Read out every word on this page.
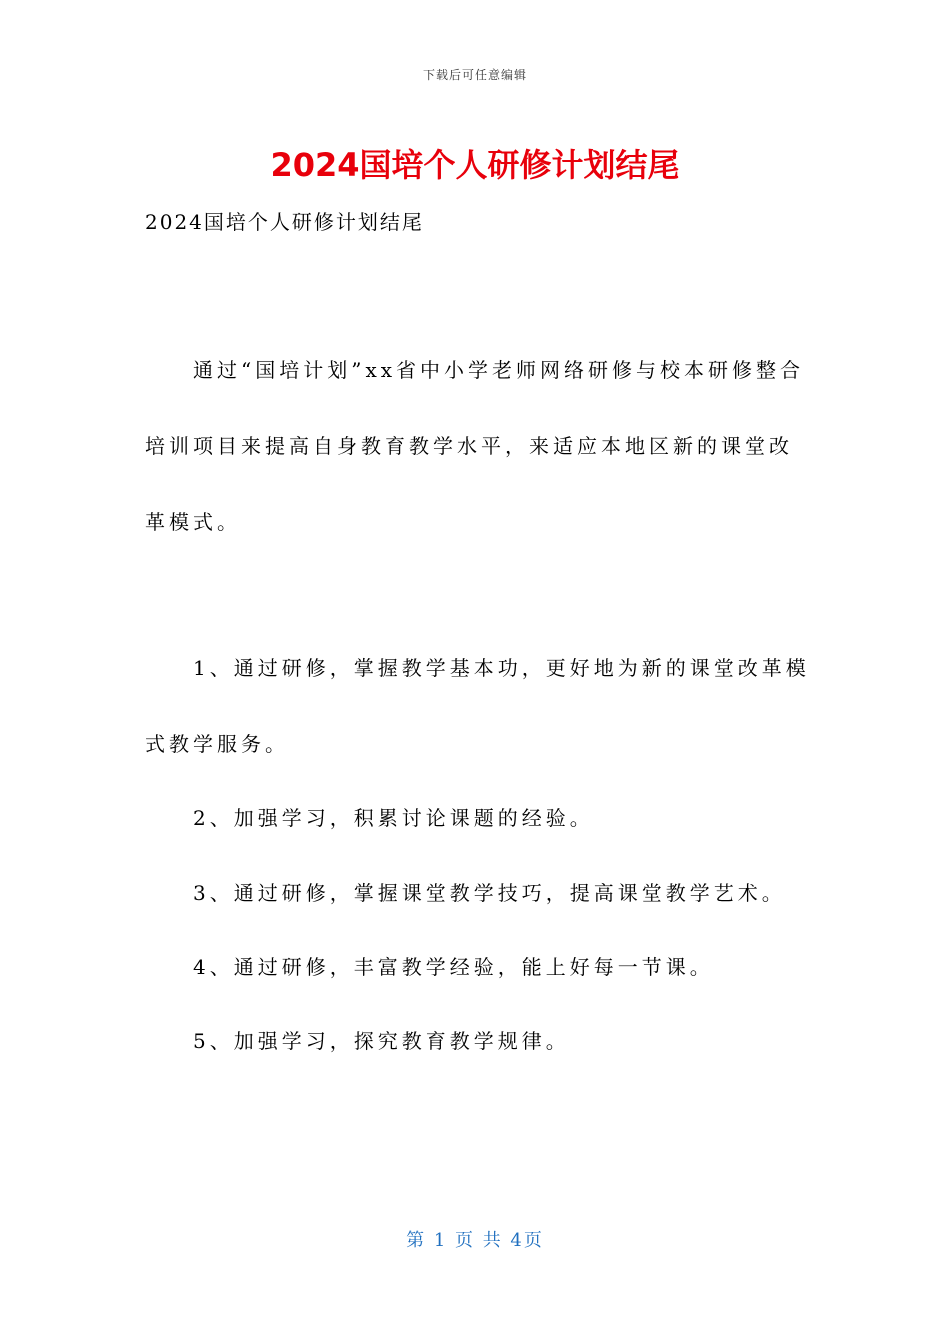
下载后可任意编辑
2024国培个人研修计划结尾
2024国培个人研修计划结尾

通过“国培计划”xx省中小学老师网络研修与校本研修整合培训项目来提高自身教育教学水平，来适应本地区新的课堂改革模式。

1、通过研修，掌握教学基本功，更好地为新的课堂改革模式教学服务。

2、加强学习，积累讨论课题的经验。

3、通过研修，掌握课堂教学技巧，提高课堂教学艺术。

4、通过研修，丰富教学经验，能上好每一节课。

5、加强学习，探究教育教学规律。

第 1 页 共 4页
